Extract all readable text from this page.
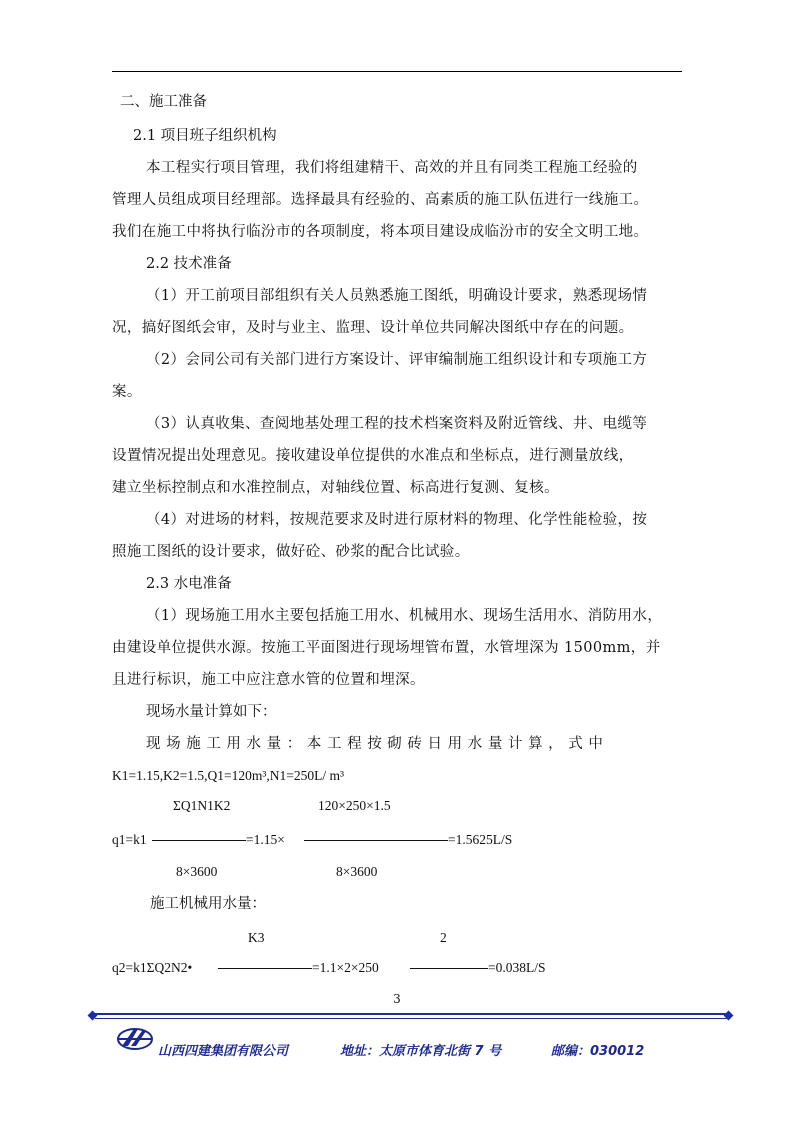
二、施工准备
2.1 项目班子组织机构
本工程实行项目管理，我们将组建精干、高效的并且有同类工程施工经验的
管理人员组成项目经理部。选择最具有经验的、高素质的施工队伍进行一线施工。
我们在施工中将执行临汾市的各项制度，将本项目建设成临汾市的安全文明工地。
2.2 技术准备
（1）开工前项目部组织有关人员熟悉施工图纸，明确设计要求，熟悉现场情
况，搞好图纸会审，及时与业主、监理、设计单位共同解决图纸中存在的问题。
（2）会同公司有关部门进行方案设计、评审编制施工组织设计和专项施工方
案。
（3）认真收集、查阅地基处理工程的技术档案资料及附近管线、井、电缆等
设置情况提出处理意见。接收建设单位提供的水准点和坐标点，进行测量放线，
建立坐标控制点和水准控制点，对轴线位置、标高进行复测、复核。
（4）对进场的材料，按规范要求及时进行原材料的物理、化学性能检验，按
照施工图纸的设计要求，做好砼、砂浆的配合比试验。
2.3 水电准备
（1）现场施工用水主要包括施工用水、机械用水、现场生活用水、消防用水，
由建设单位提供水源。按施工平面图进行现场埋管布置，水管埋深为 1500mm，并
且进行标识，施工中应注意水管的位置和埋深。
现场水量计算如下：
现 场 施 工 用 水 量 ： 本 工 程 按 砌 砖 日 用 水 量 计 算 ， 式 中
K1=1.15,K2=1.5,Q1=120m³,N1=250L/ m³
ΣQ1N1K2	120×250×1.5
q1=k1	=1.15×	=1.5625L/S
8×3600	8×3600
施工机械用水量：
K3	2
q2=k1ΣQ2N2•	=1.1×2×250	=0.038L/S
3
山西四建集团有限公司	地址：太原市体育北街 7 号	邮编：030012
